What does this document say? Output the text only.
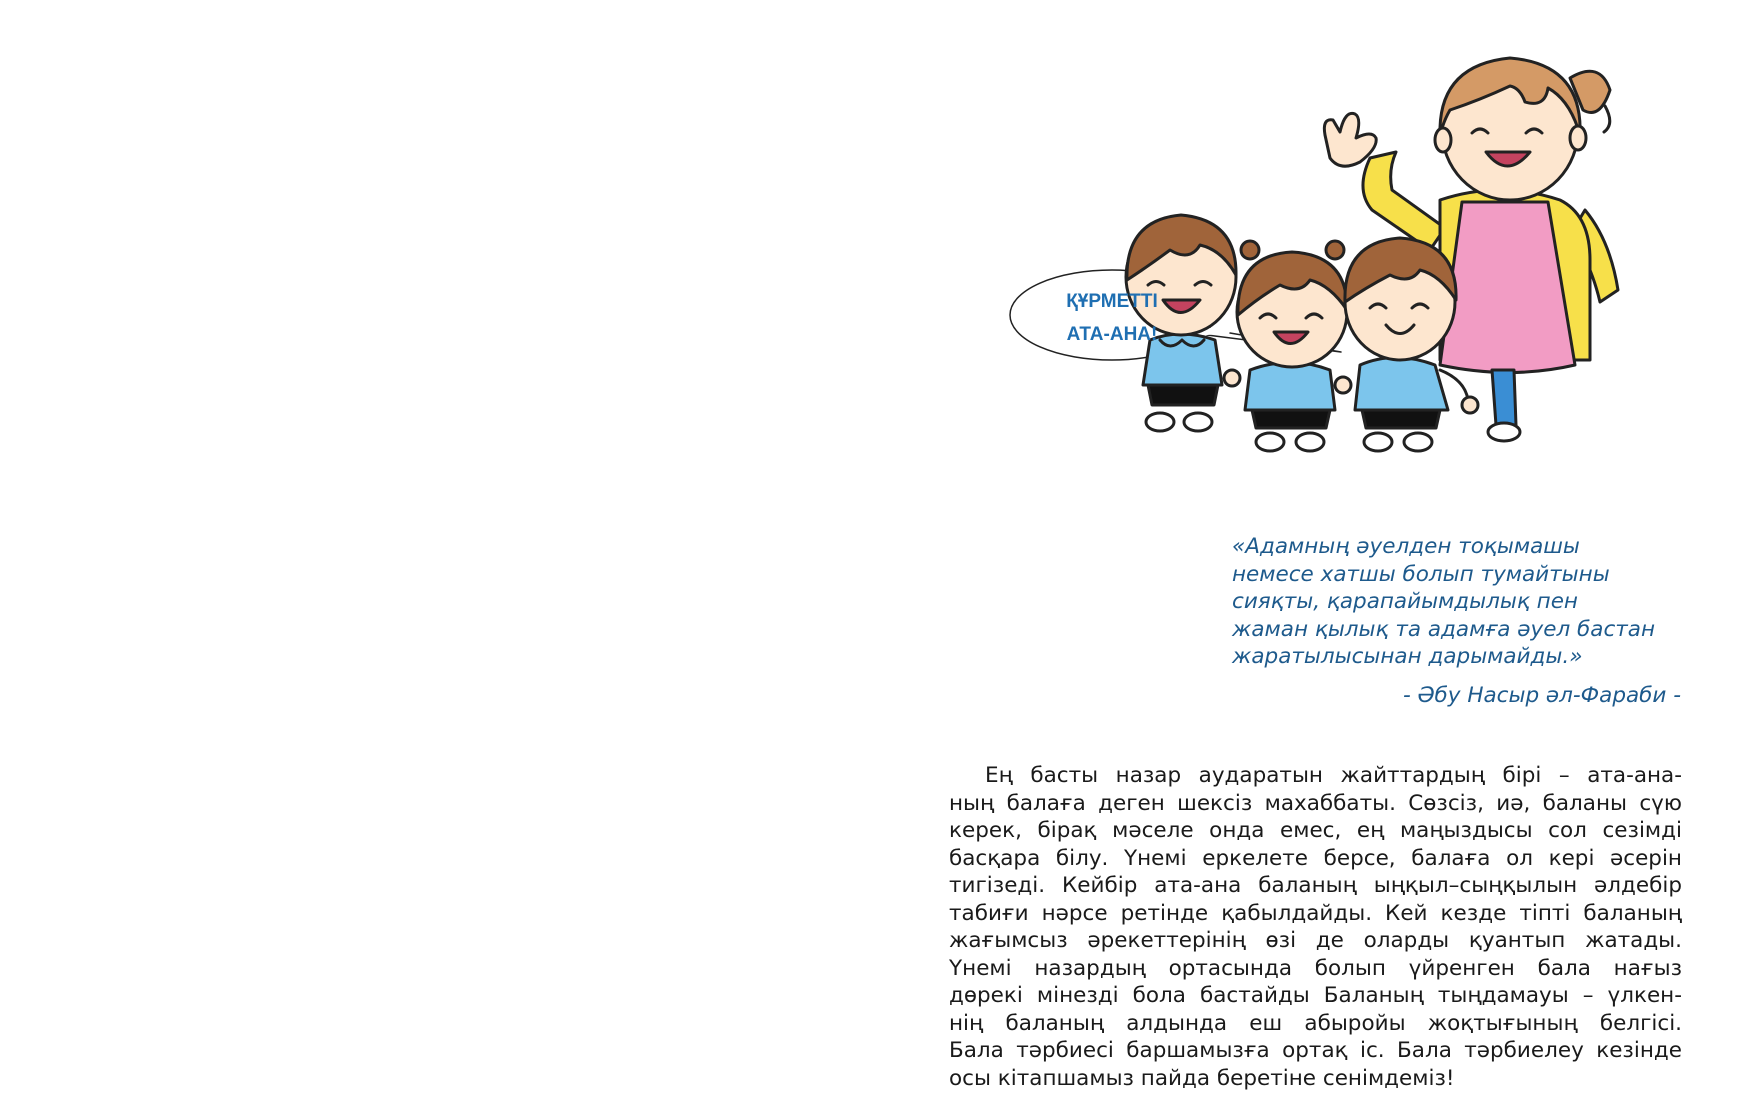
ҚҰРМЕТТІ
АТА-АНА!
«Адамның әуелден тоқымашы
немесе хатшы болып тумайтыны
сияқты, қарапайымдылық пен
жаман қылық та адамға әуел бастан
жаратылысынан дарымайды.»
- Әбу Насыр әл-Фараби -
Ең басты назар аударатын жайттардың бірі – ата-ана-
ның балаға деген шексіз махаббаты. Сөзсіз, иә, баланы сүю
керек, бірақ мәселе онда емес, ең маңыздысы сол сезімді
басқара білу. Үнемі еркелете берсе, балаға ол кері әсерін
тигізеді. Кейбір ата-ана баланың ыңқыл–сыңқылын әлдебір
табиғи нәрсе ретінде қабылдайды. Кей кезде тіпті баланың
жағымсыз әрекеттерінің өзі де оларды қуантып жатады.
Үнемі назардың ортасында болып үйренген бала нағыз
дөрекі мінезді бола бастайды Баланың тыңдамауы – үлкен-
нің баланың алдында еш абыройы жоқтығының белгісі.
Бала тәрбиесі баршамызға ортақ іс. Бала тәрбиелеу кезінде
осы кітапшамыз пайда беретіне сенімдеміз!
